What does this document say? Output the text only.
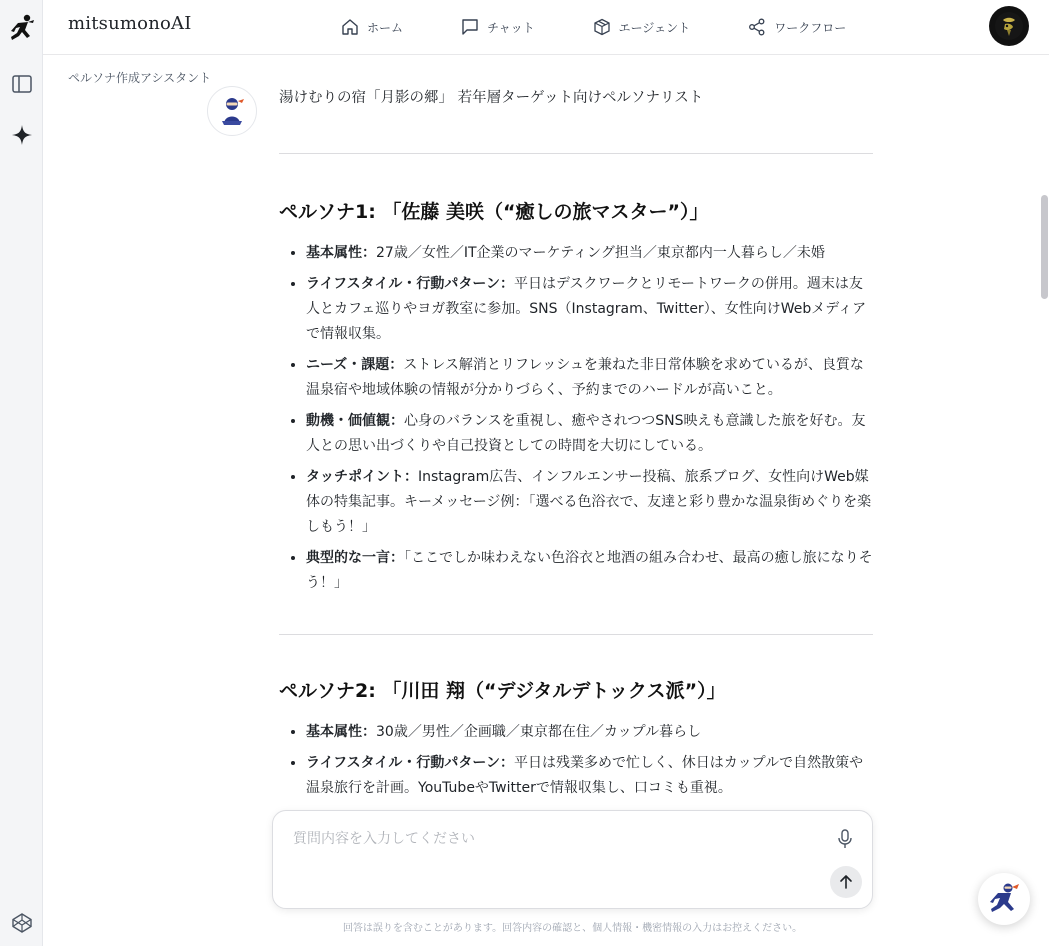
mitsumonoAI	ホーム	チャット	エージェント	ワークフロー
ペルソナ作成アシスタント
湯けむりの宿「月影の郷」 若年層ターゲット向けペルソナリスト
ペルソナ1: 「佐藤 美咲（“癒しの旅マスター”）」
• 基本属性：27歳／女性／IT企業のマーケティング担当／東京都内一人暮らし／未婚
• ライフスタイル・行動パターン：平日はデスクワークとリモートワークの併用。週末は友人とカフェ巡りやヨガ教室に参加。SNS（Instagram、Twitter）、女性向けWebメディアで情報収集。
• ニーズ・課題：ストレス解消とリフレッシュを兼ねた非日常体験を求めているが、良質な温泉宿や地域体験の情報が分かりづらく、予約までのハードルが高いこと。
• 動機・価値観：心身のバランスを重視し、癒やされつつSNS映えも意識した旅を好む。友人との思い出づくりや自己投資としての時間を大切にしている。
• タッチポイント：Instagram広告、インフルエンサー投稿、旅系ブログ、女性向けWeb媒体の特集記事。キーメッセージ例：「選べる色浴衣で、友達と彩り豊かな温泉街めぐりを楽しもう！」
• 典型的な一言：「ここでしか味わえない色浴衣と地酒の組み合わせ、最高の癒し旅になりそう！」
ペルソナ2: 「川田 翔（“デジタルデトックス派”）」
• 基本属性：30歳／男性／企画職／東京都在住／カップル暮らし
• ライフスタイル・行動パターン：平日は残業多めで忙しく、休日はカップルで自然散策や温泉旅行を計画。YouTubeやTwitterで情報収集し、口コミも重視。
質問内容を入力してください
回答は誤りを含むことがあります。回答内容の確認と、個人情報・機密情報の入力はお控えください。
